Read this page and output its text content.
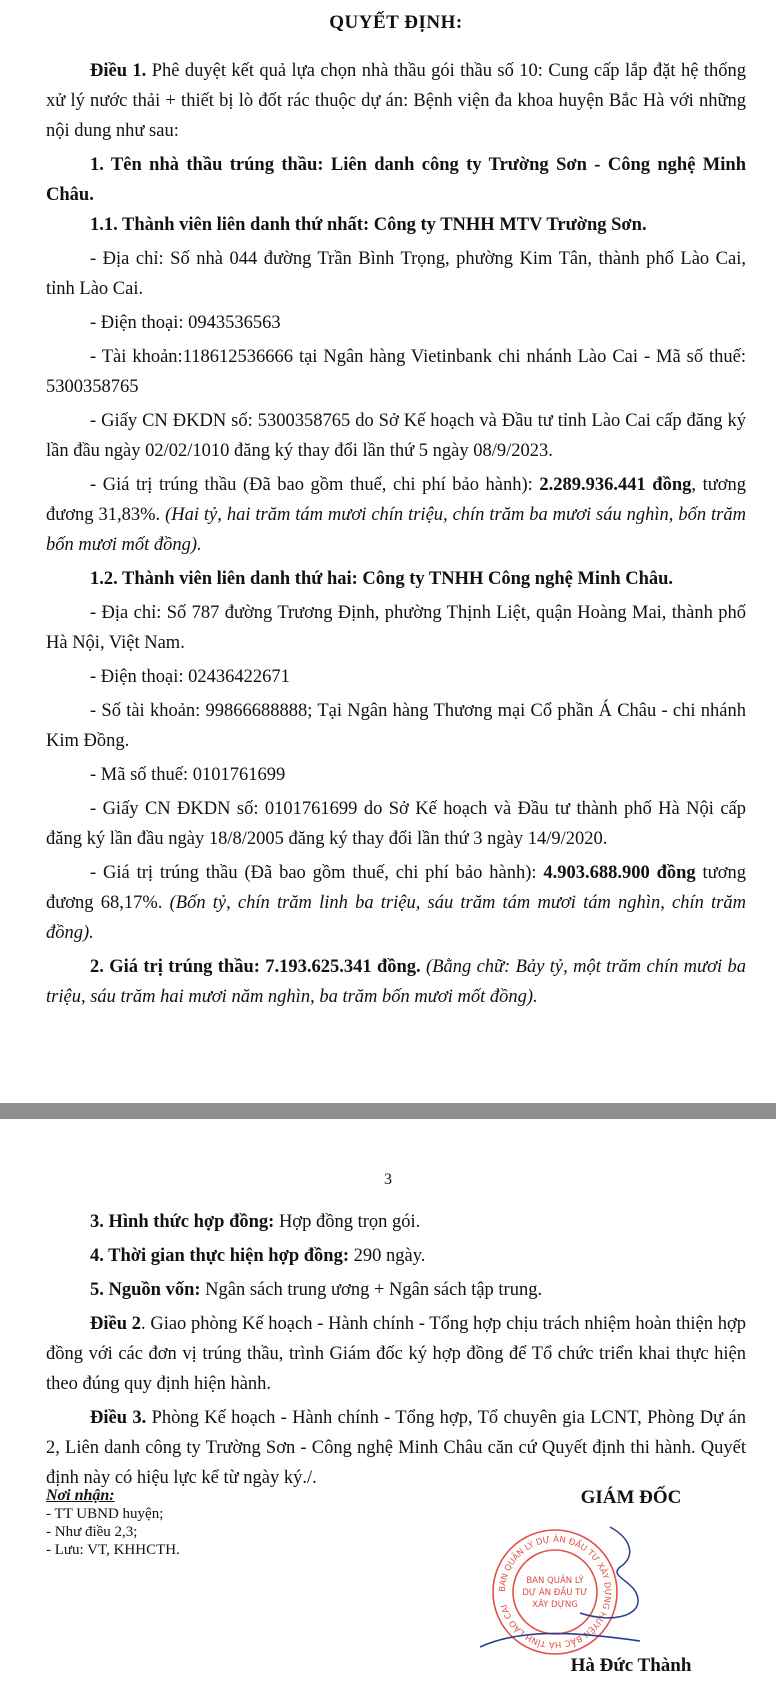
QUYẾT ĐỊNH:

Điều 1. Phê duyệt kết quả lựa chọn nhà thầu gói thầu số 10: Cung cấp lắp đặt hệ thống xử lý nước thải + thiết bị lò đốt rác thuộc dự án: Bệnh viện đa khoa huyện Bắc Hà với những nội dung như sau:

1. Tên nhà thầu trúng thầu: Liên danh công ty Trường Sơn - Công nghệ Minh Châu.

1.1. Thành viên liên danh thứ nhất: Công ty TNHH MTV Trường Sơn.

- Địa chỉ: Số nhà 044 đường Trần Bình Trọng, phường Kim Tân, thành phố Lào Cai, tỉnh Lào Cai.

- Điện thoại: 0943536563

- Tài khoản:118612536666 tại Ngân hàng Vietinbank chi nhánh Lào Cai - Mã số thuế: 5300358765

- Giấy CN ĐKDN số: 5300358765 do Sở Kế hoạch và Đầu tư tỉnh Lào Cai cấp đăng ký lần đầu ngày 02/02/1010 đăng ký thay đổi lần thứ 5 ngày 08/9/2023.

- Giá trị trúng thầu (Đã bao gồm thuế, chi phí bảo hành): 2.289.936.441 đồng, tương đương 31,83%. (Hai tỷ, hai trăm tám mươi chín triệu, chín trăm ba mươi sáu nghìn, bốn trăm bốn mươi mốt đồng).

1.2. Thành viên liên danh thứ hai: Công ty TNHH Công nghệ Minh Châu.

- Địa chỉ: Số 787 đường Trương Định, phường Thịnh Liệt, quận Hoàng Mai, thành phố Hà Nội, Việt Nam.

- Điện thoại: 02436422671

- Số tài khoản: 99866688888; Tại Ngân hàng Thương mại Cổ phần Á Châu - chi nhánh Kim Đồng.

- Mã số thuế: 0101761699

- Giấy CN ĐKDN số: 0101761699 do Sở Kế hoạch và Đầu tư thành phố Hà Nội cấp đăng ký lần đầu ngày 18/8/2005 đăng ký thay đổi lần thứ 3 ngày 14/9/2020.

- Giá trị trúng thầu (Đã bao gồm thuế, chi phí bảo hành): 4.903.688.900 đồng tương đương 68,17%. (Bốn tỷ, chín trăm linh ba triệu, sáu trăm tám mươi tám nghìn, chín trăm đồng).

2. Giá trị trúng thầu: 7.193.625.341 đồng. (Bằng chữ: Bảy tỷ, một trăm chín mươi ba triệu, sáu trăm hai mươi năm nghìn, ba trăm bốn mươi mốt đồng).

3

3. Hình thức hợp đồng: Hợp đồng trọn gói.

4. Thời gian thực hiện hợp đồng: 290 ngày.

5. Nguồn vốn: Ngân sách trung ương + Ngân sách tập trung.

Điều 2. Giao phòng Kế hoạch - Hành chính - Tổng hợp chịu trách nhiệm hoàn thiện hợp đồng với các đơn vị trúng thầu, trình Giám đốc ký hợp đồng để Tổ chức triển khai thực hiện theo đúng quy định hiện hành.

Điều 3. Phòng Kế hoạch - Hành chính - Tổng hợp, Tổ chuyên gia LCNT, Phòng Dự án 2, Liên danh công ty Trường Sơn - Công nghệ Minh Châu căn cứ Quyết định thi hành. Quyết định này có hiệu lực kể từ ngày ký./.

Nơi nhận:
- TT UBND huyện;
- Như điều 2,3;
- Lưu: VT, KHHCTH.
GIÁM ĐỐC
BAN QUẢN LÝ DỰ ÁN ĐẦU TƯ XÂY DỰNG HUYỆN BẮC HÀ TỈNH LÀO CAI
BAN QUẢN LÝ
DỰ ÁN ĐẦU TƯ
XÂY DỰNG
Hà Đức Thành
